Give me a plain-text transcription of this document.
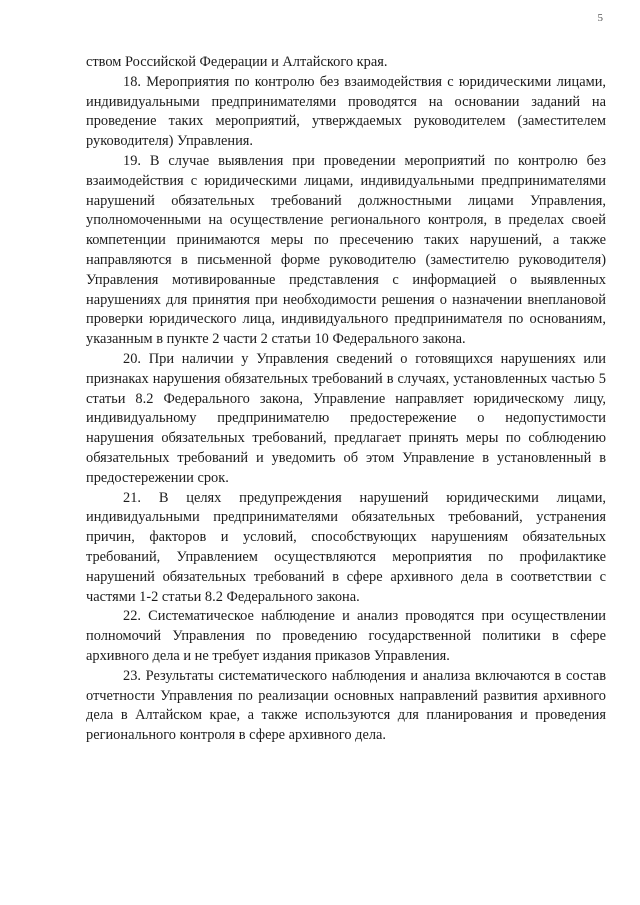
5

ством Российской Федерации и Алтайского края.

18. Мероприятия по контролю без взаимодействия с юридическими лицами, индивидуальными предпринимателями проводятся на основании заданий на проведение таких мероприятий, утверждаемых руководителем (заместителем руководителя) Управления.

19. В случае выявления при проведении мероприятий по контролю без взаимодействия с юридическими лицами, индивидуальными предпринимателями нарушений обязательных требований должностными лицами Управления, уполномоченными на осуществление регионального контроля, в пределах своей компетенции принимаются меры по пресечению таких нарушений, а также направляются в письменной форме руководителю (заместителю руководителя) Управления мотивированные представления с информацией о выявленных нарушениях для принятия при необходимости решения о назначении внеплановой проверки юридического лица, индивидуального предпринимателя по основаниям, указанным в пункте 2 части 2 статьи 10 Федерального закона.

20. При наличии у Управления сведений о готовящихся нарушениях или признаках нарушения обязательных требований в случаях, установленных частью 5 статьи 8.2 Федерального закона, Управление направляет юридическому лицу, индивидуальному предпринимателю предостережение о недопустимости нарушения обязательных требований, предлагает принять меры по соблюдению обязательных требований и уведомить об этом Управление в установленный в предостережении срок.

21. В целях предупреждения нарушений юридическими лицами, индивидуальными предпринимателями обязательных требований, устранения причин, факторов и условий, способствующих нарушениям обязательных требований, Управлением осуществляются мероприятия по профилактике нарушений обязательных требований в сфере архивного дела в соответствии с частями 1-2 статьи 8.2 Федерального закона.

22. Систематическое наблюдение и анализ проводятся при осуществлении полномочий Управления по проведению государственной политики в сфере архивного дела и не требует издания приказов Управления.

23. Результаты систематического наблюдения и анализа включаются в состав отчетности Управления по реализации основных направлений развития архивного дела в Алтайском крае, а также используются для планирования и проведения регионального контроля в сфере архивного дела.
